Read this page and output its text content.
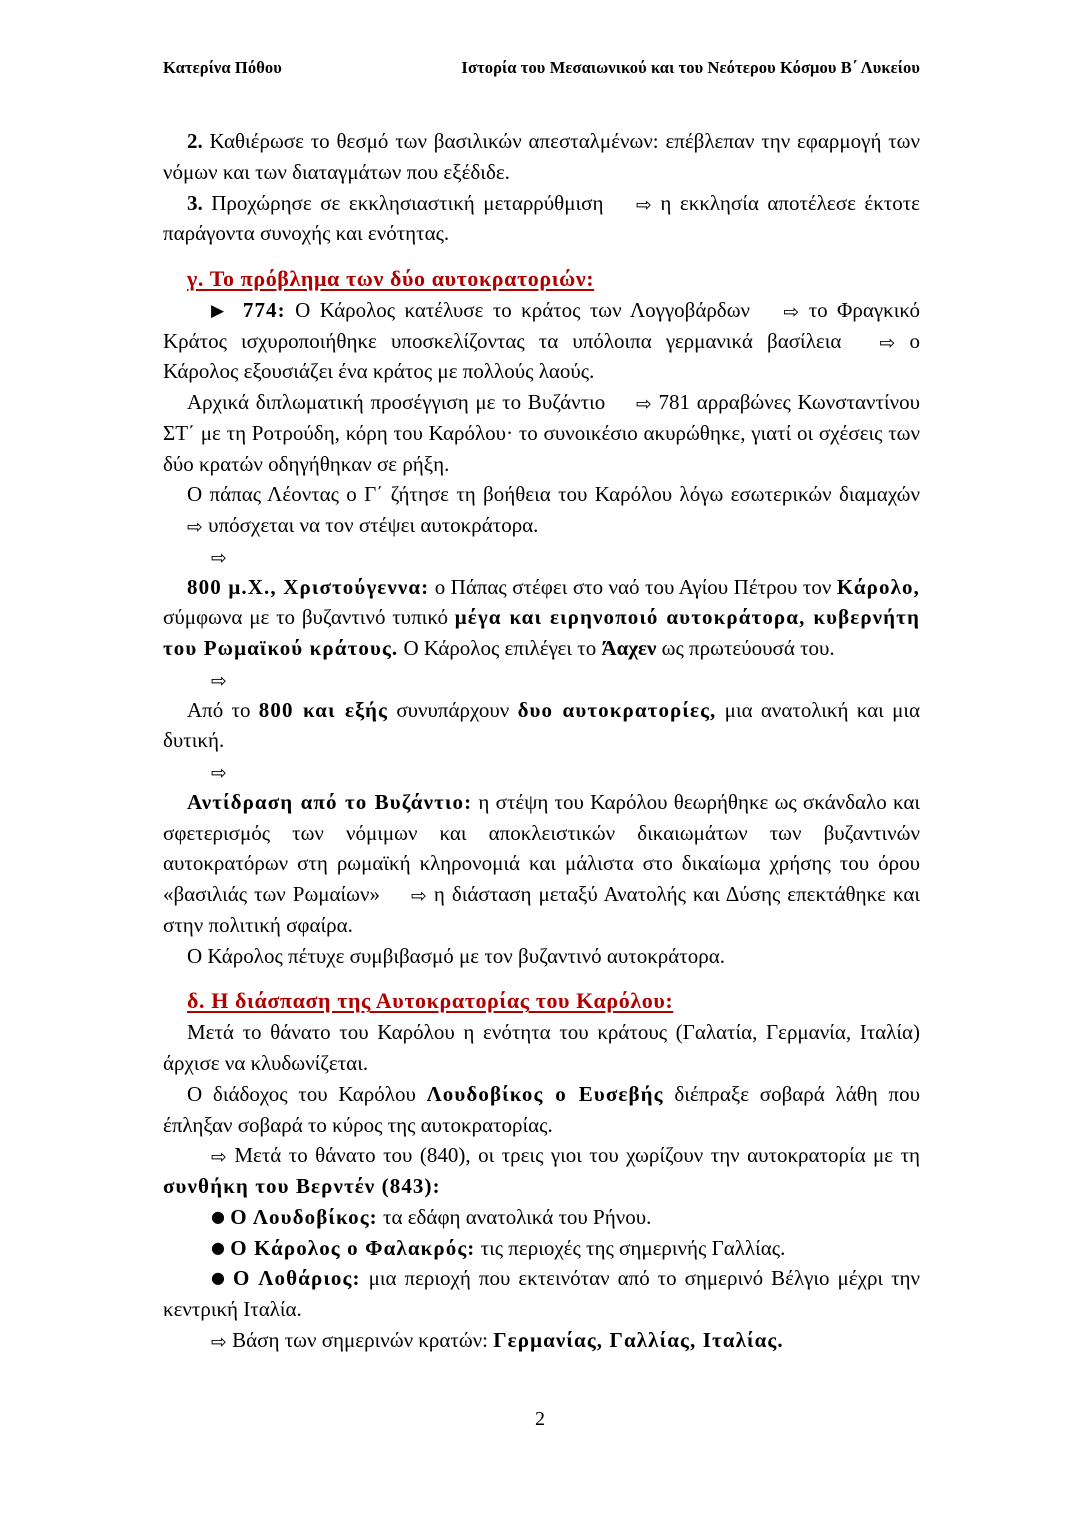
Κατερίνα Πόθου	Ιστορία του Μεσαιωνικού και του Νεότερου Κόσμου Β΄ Λυκείου

2. Καθιέρωσε το θεσμό των βασιλικών απεσταλμένων: επέβλεπαν την εφαρμογή των νόμων και των διαταγμάτων που εξέδιδε.

3. Προχώρησε σε εκκλησιαστική μεταρρύθμιση ⇨ η εκκλησία αποτέλεσε έκτοτε παράγοντα συνοχής και ενότητας.

γ. Το πρόβλημα των δύο αυτοκρατοριών:

▶ 774: Ο Κάρολος κατέλυσε το κράτος των Λογγοβάρδων ⇨ το Φραγκικό Κράτος ισχυροποιήθηκε υποσκελίζοντας τα υπόλοιπα γερμανικά βασίλεια ⇨ ο Κάρολος εξουσιάζει ένα κράτος με πολλούς λαούς.

Αρχικά διπλωματική προσέγγιση με το Βυζάντιο ⇨ 781 αρραβώνες Κωνσταντίνου ΣΤ΄ με τη Ροτρούδη, κόρη του Καρόλου· το συνοικέσιο ακυρώθηκε, γιατί οι σχέσεις των δύο κρατών οδηγήθηκαν σε ρήξη.

Ο πάπας Λέοντας ο Γ΄ ζήτησε τη βοήθεια του Καρόλου λόγω εσωτερικών διαμαχών ⇨ υπόσχεται να τον στέψει αυτοκράτορα.

⇨

800 μ.Χ., Χριστούγεννα: ο Πάπας στέφει στο ναό του Αγίου Πέτρου τον Κάρολο, σύμφωνα με το βυζαντινό τυπικό μέγα και ειρηνοποιό αυτοκράτορα, κυβερνήτη του Ρωμαϊκού κράτους. Ο Κάρολος επιλέγει το Άαχεν ως πρωτεύουσά του.

⇨

Από το 800 και εξής συνυπάρχουν δυο αυτοκρατορίες, μια ανατολική και μια δυτική.

⇨

Αντίδραση από το Βυζάντιο: η στέψη του Καρόλου θεωρήθηκε ως σκάνδαλο και σφετερισμός των νόμιμων και αποκλειστικών δικαιωμάτων των βυζαντινών αυτοκρατόρων στη ρωμαϊκή κληρονομιά και μάλιστα στο δικαίωμα χρήσης του όρου «βασιλιάς των Ρωμαίων» ⇨ η διάσταση μεταξύ Ανατολής και Δύσης επεκτάθηκε και στην πολιτική σφαίρα.

Ο Κάρολος πέτυχε συμβιβασμό με τον βυζαντινό αυτοκράτορα.

δ. Η διάσπαση της Αυτοκρατορίας του Καρόλου:

Μετά το θάνατο του Καρόλου η ενότητα του κράτους (Γαλατία, Γερμανία, Ιταλία) άρχισε να κλυδωνίζεται.

Ο διάδοχος του Καρόλου Λουδοβίκος ο Ευσεβής διέπραξε σοβαρά λάθη που έπληξαν σοβαρά το κύρος της αυτοκρατορίας.

⇨ Μετά το θάνατο του (840), οι τρεις γιοι του χωρίζουν την αυτοκρατορία με τη συνθήκη του Βερντέν (843):

● Ο Λουδοβίκος: τα εδάφη ανατολικά του Ρήνου.

● Ο Κάρολος ο Φαλακρός: τις περιοχές της σημερινής Γαλλίας.

● Ο Λοθάριος: μια περιοχή που εκτεινόταν από το σημερινό Βέλγιο μέχρι την κεντρική Ιταλία.

⇨ Βάση των σημερινών κρατών: Γερμανίας, Γαλλίας, Ιταλίας.

2
